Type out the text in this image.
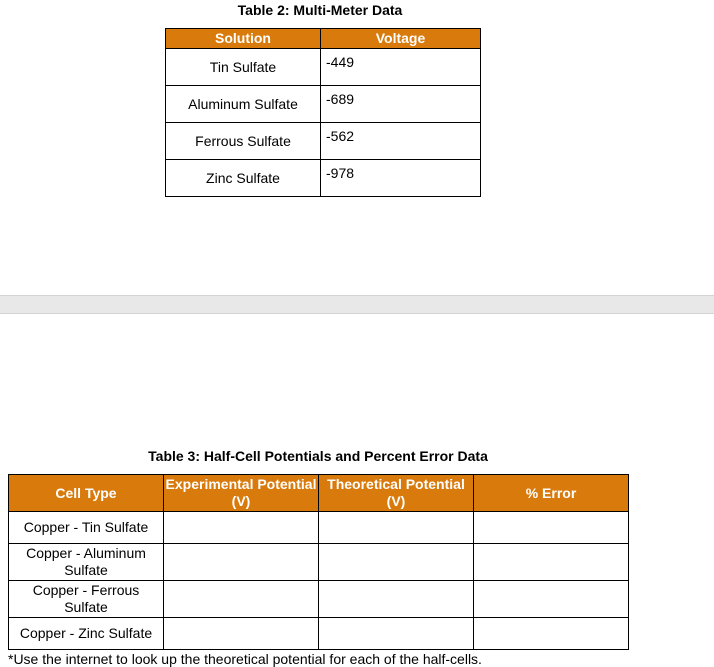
Table 2: Multi-Meter Data
Solution	Voltage
Tin Sulfate	-449
Aluminum Sulfate	-689
Ferrous Sulfate	-562
Zinc Sulfate	-978
Table 3: Half-Cell Potentials and Percent Error Data
Cell Type	Experimental Potential (V)	Theoretical Potential (V)	% Error
Copper - Tin Sulfate			
Copper - Aluminum Sulfate			
Copper - Ferrous Sulfate			
Copper - Zinc Sulfate			
*Use the internet to look up the theoretical potential for each of the half-cells.
